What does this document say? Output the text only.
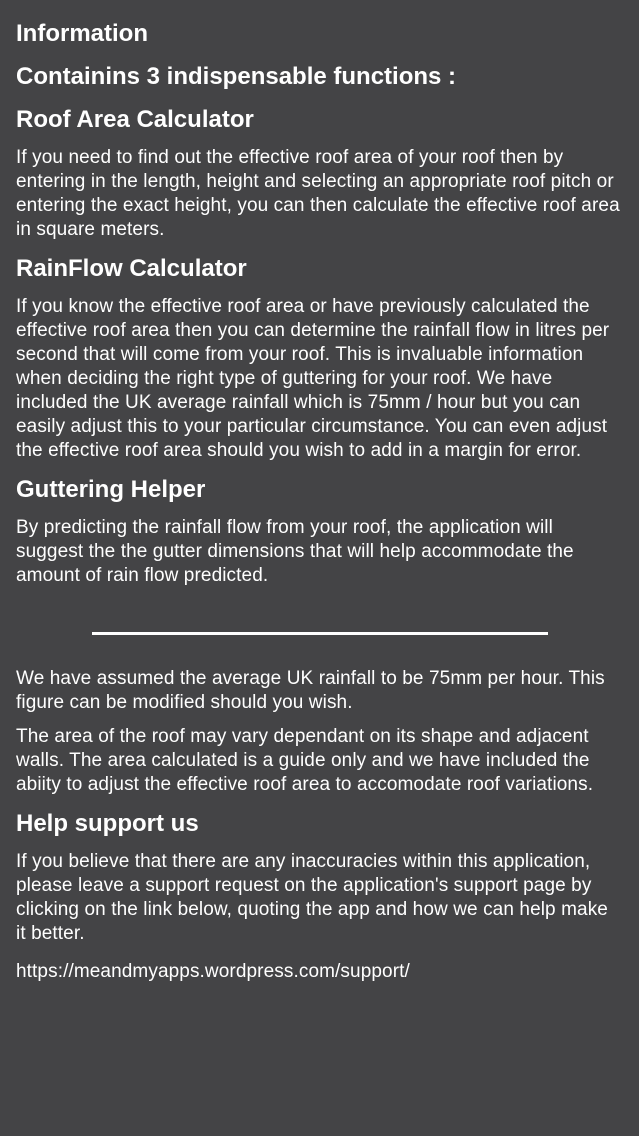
Information
Containins 3 indispensable functions :
Roof Area Calculator

If you need to find out the effective roof area of your roof then by entering in the length, height and selecting an appropriate roof pitch or entering the exact height, you can then calculate the effective roof area in square meters.

RainFlow Calculator

If you know the effective roof area or have previously calculated the effective roof area then you can determine the rainfall flow in litres per second that will come from your roof. This is invaluable information when deciding the right type of guttering for your roof. We have included the UK average rainfall which is 75mm / hour but you can easily adjust this to your particular circumstance. You can even adjust the effective roof area should you wish to add in a margin for error.

Guttering Helper

By predicting the rainfall flow from your roof, the application will suggest the the gutter dimensions that will help accommodate the amount of rain flow predicted.

We have assumed the average UK rainfall to be 75mm per hour. This figure can be modified should you wish.

The area of the roof may vary dependant on its shape and adjacent walls. The area calculated is a guide only and we have included the abiity to adjust the effective roof area to accomodate roof variations.

Help support us

If you believe that there are any inaccuracies within this application, please leave a support request on the application's support page by clicking on the link below, quoting the app and how we can help make it better.

https://meandmyapps.wordpress.com/support/
